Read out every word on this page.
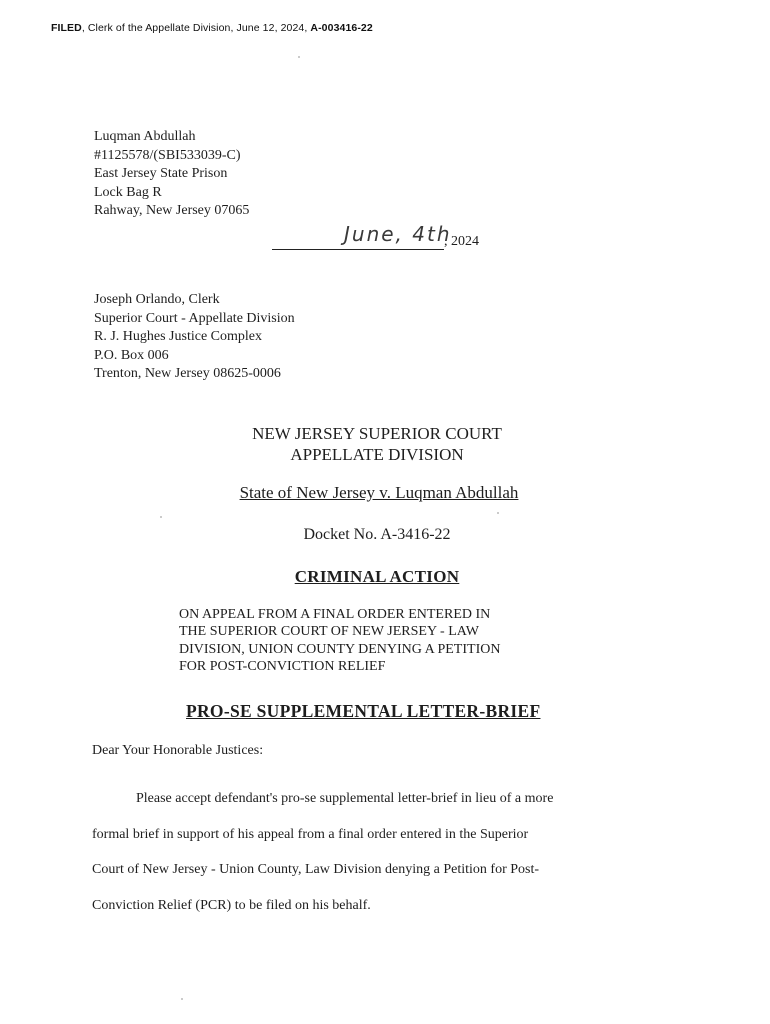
FILED, Clerk of the Appellate Division, June 12, 2024, A-003416-22
Luqman Abdullah
#1125578/(SBI533039-C)
East Jersey State Prison
Lock Bag R
Rahway, New Jersey 07065
June, 4th
, 2024
Joseph Orlando, Clerk
Superior Court - Appellate Division
R. J. Hughes Justice Complex
P.O. Box 006
Trenton, New Jersey 08625-0006
NEW JERSEY SUPERIOR COURT
APPELLATE DIVISION
State of New Jersey v. Luqman Abdullah
Docket No. A-3416-22
CRIMINAL ACTION
ON APPEAL FROM A FINAL ORDER ENTERED IN
THE SUPERIOR COURT OF NEW JERSEY - LAW
DIVISION, UNION COUNTY DENYING A PETITION
FOR POST-CONVICTION RELIEF
PRO-SE SUPPLEMENTAL LETTER-BRIEF
Dear Your Honorable Justices:
Please accept defendant's pro-se supplemental letter-brief in lieu of a more
formal brief in support of his appeal from a final order entered in the Superior
Court of New Jersey - Union County, Law Division denying a Petition for Post-
Conviction Relief (PCR) to be filed on his behalf.
